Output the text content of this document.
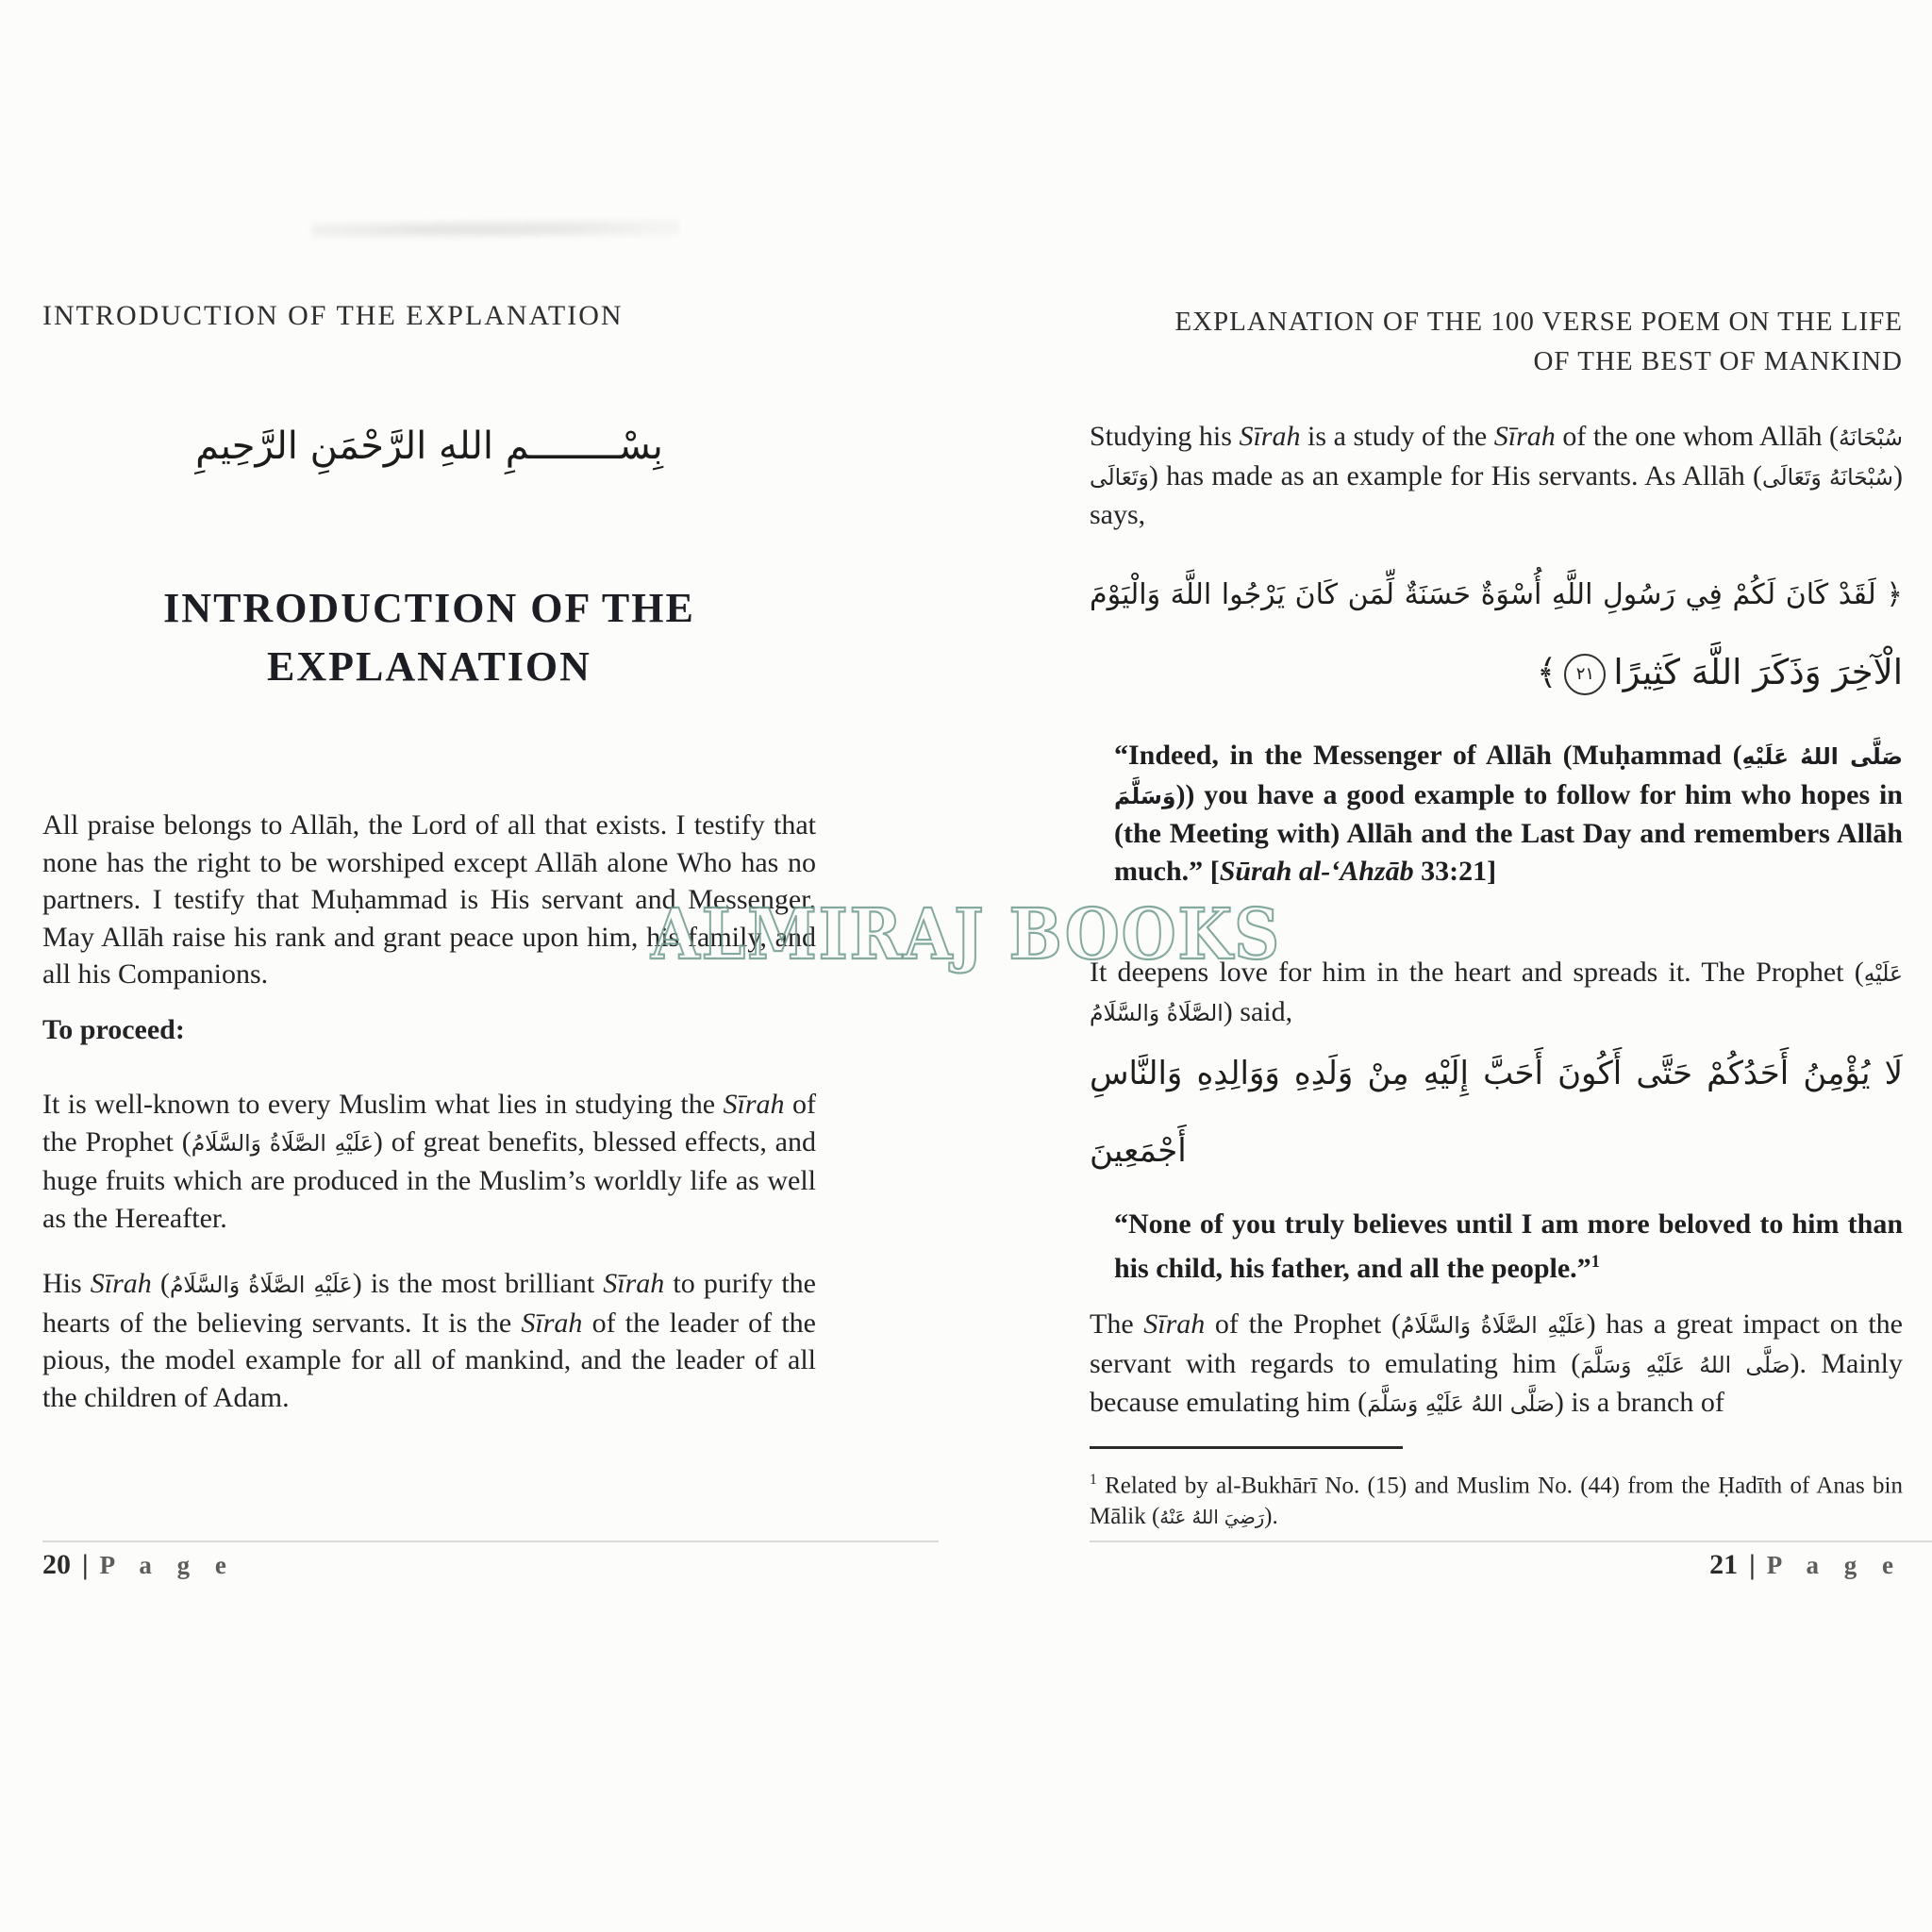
INTRODUCTION OF THE EXPLANATION
بِسْــــــــمِ اللهِ الرَّحْمَنِ الرَّحِيمِ
INTRODUCTION OF THE
EXPLANATION

All praise belongs to Allāh, the Lord of all that exists. I testify that none has the right to be worshiped except Allāh alone Who has no partners. I testify that Muḥammad is His servant and Messenger. May Allāh raise his rank and grant peace upon him, his family, and all his Companions.

To proceed:

It is well-known to every Muslim what lies in studying the Sīrah of the Prophet (عَلَيْهِ الصَّلَاةُ وَالسَّلَامُ) of great benefits, blessed effects, and huge fruits which are produced in the Muslim’s worldly life as well as the Hereafter.

His Sīrah (عَلَيْهِ الصَّلَاةُ وَالسَّلَامُ) is the most brilliant Sīrah to purify the hearts of the believing servants. It is the Sīrah of the leader of the pious, the model example for all of mankind, and the leader of all the children of Adam.

20 | P a g e
EXPLANATION OF THE 100 VERSE POEM ON THE LIFE
OF THE BEST OF MANKIND

Studying his Sīrah is a study of the Sīrah of the one whom Allāh (سُبْحَانَهُ وَتَعَالَى) has made as an example for His servants. As Allāh (سُبْحَانَهُ وَتَعَالَى) says,

﴿ لَقَدْ كَانَ لَكُمْ فِي رَسُولِ اللَّهِ أُسْوَةٌ حَسَنَةٌ لِّمَن كَانَ يَرْجُوا اللَّهَ وَالْيَوْمَ
الْآخِرَ وَذَكَرَ اللَّهَ كَثِيرًا
٢١
﴾

“Indeed, in the Messenger of Allāh (Muḥammad (صَلَّى اللهُ عَلَيْهِ وَسَلَّمَ)) you have a good example to follow for him who hopes in (the Meeting with) Allāh and the Last Day and remembers Allāh much.” [Sūrah al-‘Ahzāb 33:21]

It deepens love for him in the heart and spreads it. The Prophet (عَلَيْهِ الصَّلَاةُ وَالسَّلَامُ) said,

لَا يُؤْمِنُ أَحَدُكُمْ حَتَّى أَكُونَ أَحَبَّ إِلَيْهِ مِنْ وَلَدِهِ وَوَالِدِهِ وَالنَّاسِ
أَجْمَعِينَ

“None of you truly believes until I am more beloved to him than his child, his father, and all the people.”$^1$

The Sīrah of the Prophet (عَلَيْهِ الصَّلَاةُ وَالسَّلَامُ) has a great impact on the servant with regards to emulating him (صَلَّى اللهُ عَلَيْهِ وَسَلَّمَ). Mainly because emulating him (صَلَّى اللهُ عَلَيْهِ وَسَلَّمَ) is a branch of

$^1$ Related by al-Bukhārī No. (15) and Muslim No. (44) from the Ḥadīth of Anas bin Mālik (رَضِيَ اللهُ عَنْهُ).

21 | P a g e
ALMIRAJ BOOKS
